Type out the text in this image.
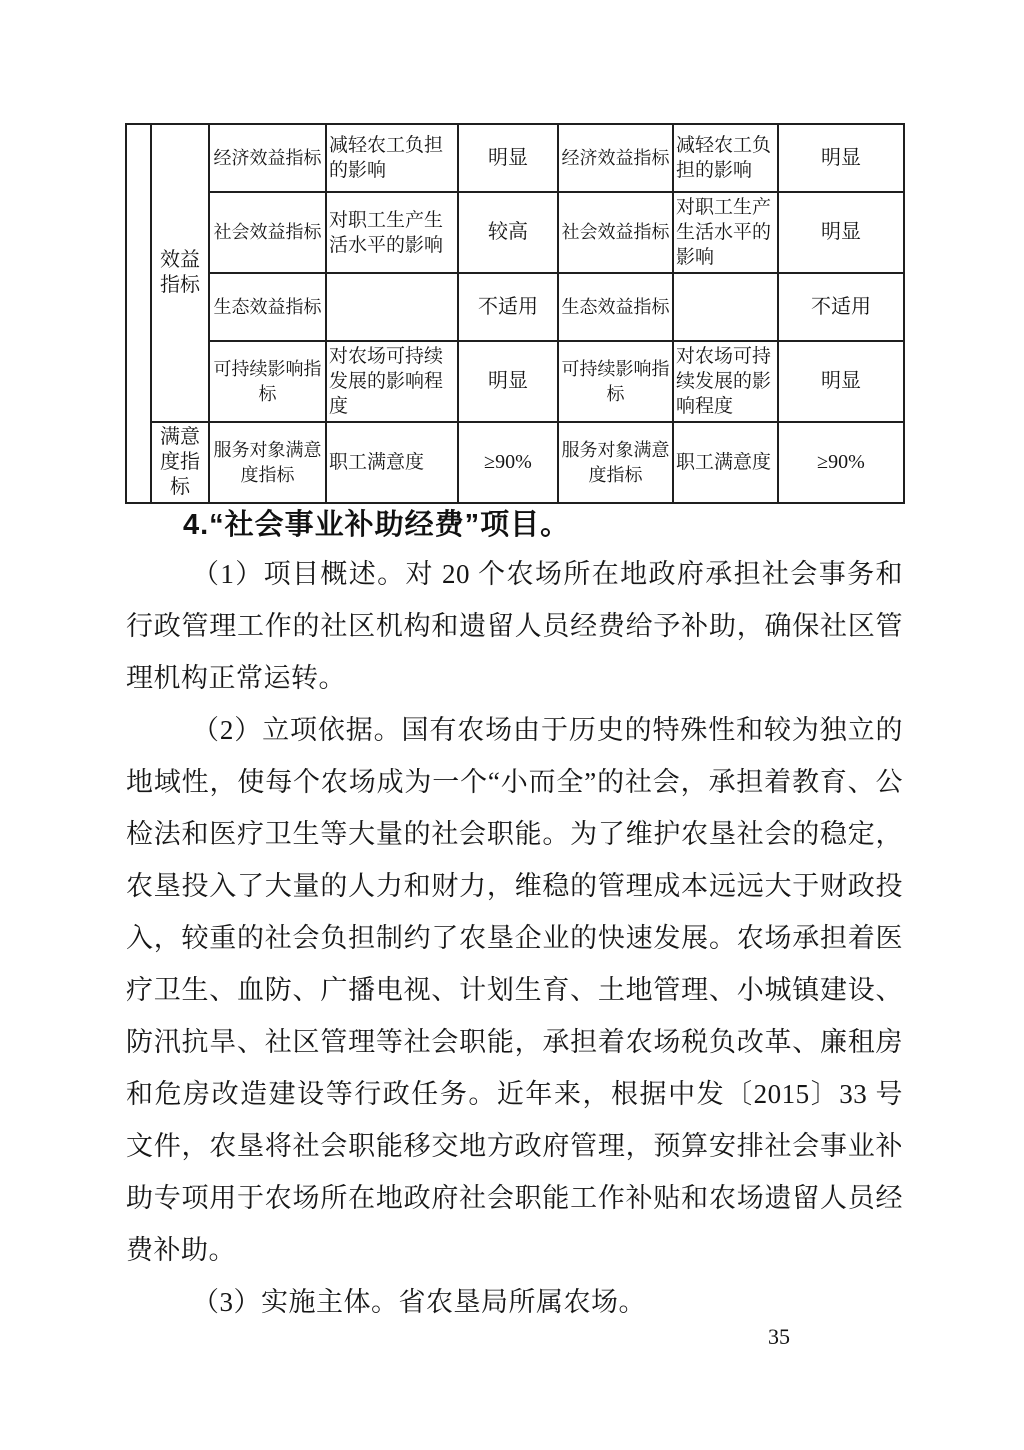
	效益指标	经济效益指标	减轻农工负担的影响	明显	经济效益指标	减轻农工负担的影响	明显
		社会效益指标	对职工生产生活水平的影响	较高	社会效益指标	对职工生产生活水平的影响	明显
		生态效益指标		不适用	生态效益指标		不适用
		可持续影响指标	对农场可持续发展的影响程度	明显	可持续影响指标	对农场可持续发展的影响程度	明显
	满意度指标	服务对象满意度指标	职工满意度	≥90%	服务对象满意度指标	职工满意度	≥90%
4.“社会事业补助经费”项目。

（1）项目概述。对 20 个农场所在地政府承担社会事务和行政管理工作的社区机构和遗留人员经费给予补助，确保社区管理机构正常运转。

（2）立项依据。国有农场由于历史的特殊性和较为独立的地域性，使每个农场成为一个“小而全”的社会，承担着教育、公检法和医疗卫生等大量的社会职能。为了维护农垦社会的稳定，农垦投入了大量的人力和财力，维稳的管理成本远远大于财政投入，较重的社会负担制约了农垦企业的快速发展。农场承担着医疗卫生、血防、广播电视、计划生育、土地管理、小城镇建设、防汛抗旱、社区管理等社会职能，承担着农场税负改革、廉租房和危房改造建设等行政任务。近年来，根据中发〔2015〕33 号文件，农垦将社会职能移交地方政府管理，预算安排社会事业补助专项用于农场所在地政府社会职能工作补贴和农场遗留人员经费补助。

（3）实施主体。省农垦局所属农场。

35
